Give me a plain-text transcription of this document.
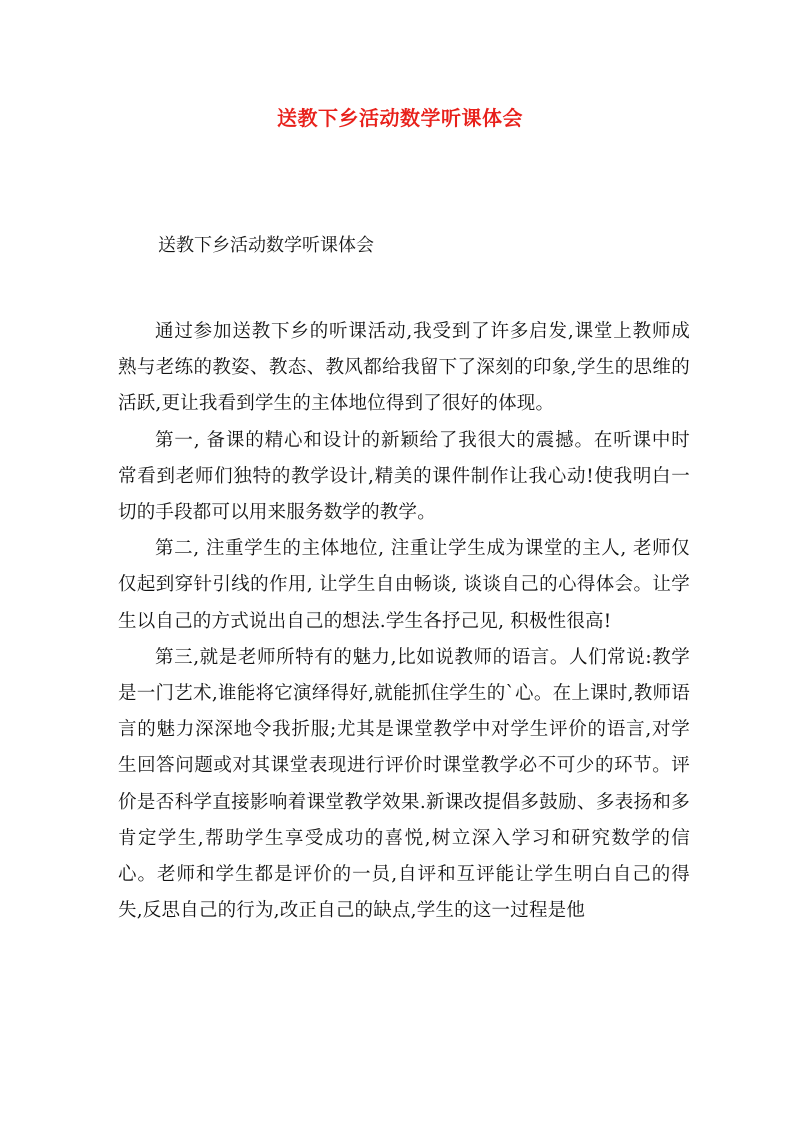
送教下乡活动数学听课体会
送教下乡活动数学听课体会

通过参加送教下乡的听课活动,我受到了许多启发,课堂上教师成熟与老练的教姿、教态、教风都给我留下了深刻的印象,学生的思维的活跃,更让我看到学生的主体地位得到了很好的体现。

第一, 备课的精心和设计的新颖给了我很大的震撼。在听课中时常看到老师们独特的教学设计,精美的课件制作让我心动!使我明白一切的手段都可以用来服务数学的教学。

第二, 注重学生的主体地位, 注重让学生成为课堂的主人, 老师仅仅起到穿针引线的作用, 让学生自由畅谈, 谈谈自己的心得体会。让学生以自己的方式说出自己的想法.学生各抒己见, 积极性很高!

第三,就是老师所特有的魅力,比如说教师的语言。人们常说:教学是一门艺术,谁能将它演绎得好,就能抓住学生的`心。在上课时,教师语言的魅力深深地令我折服;尤其是课堂教学中对学生评价的语言,对学生回答问题或对其课堂表现进行评价时课堂教学必不可少的环节。评价是否科学直接影响着课堂教学效果.新课改提倡多鼓励、多表扬和多肯定学生,帮助学生享受成功的喜悦,树立深入学习和研究数学的信心。老师和学生都是评价的一员,自评和互评能让学生明白自己的得失,反思自己的行为,改正自己的缺点,学生的这一过程是他
